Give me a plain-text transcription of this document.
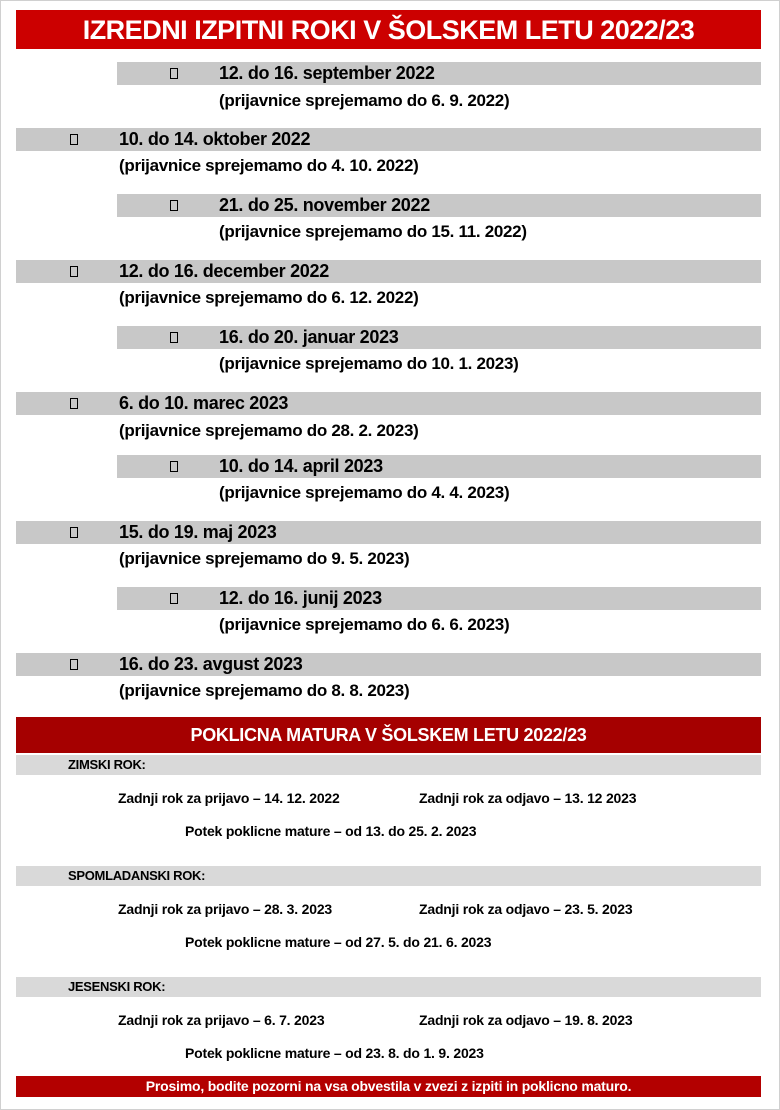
IZREDNI IZPITNI ROKI V ŠOLSKEM LETU 2022/23
12. do 16. september 2022
(prijavnice sprejemamo do 6. 9. 2022)
10. do 14. oktober 2022
(prijavnice sprejemamo do 4. 10. 2022)
21. do 25. november 2022
(prijavnice sprejemamo do 15. 11. 2022)
12. do 16. december 2022
(prijavnice sprejemamo do 6. 12. 2022)
16. do 20. januar 2023
(prijavnice sprejemamo do 10. 1. 2023)
6. do 10. marec 2023
(prijavnice sprejemamo do 28. 2. 2023)
10. do 14. april 2023
(prijavnice sprejemamo do 4. 4. 2023)
15. do 19. maj 2023
(prijavnice sprejemamo do 9. 5. 2023)
12. do 16. junij 2023
(prijavnice sprejemamo do 6. 6. 2023)
16. do 23. avgust 2023
(prijavnice sprejemamo do 8. 8. 2023)
POKLICNA MATURA V ŠOLSKEM LETU 2022/23
ZIMSKI ROK:
Zadnji rok za prijavo – 14. 12. 2022	Zadnji rok za odjavo – 13. 12 2023
Potek poklicne mature – od 13. do 25. 2. 2023
SPOMLADANSKI ROK:
Zadnji rok za prijavo – 28. 3. 2023	Zadnji rok za odjavo – 23. 5. 2023
Potek poklicne mature – od 27. 5. do 21. 6. 2023
JESENSKI ROK:
Zadnji rok za prijavo – 6. 7. 2023	Zadnji rok za odjavo – 19. 8. 2023
Potek poklicne mature – od 23. 8. do 1. 9. 2023
Prosimo, bodite pozorni na vsa obvestila v zvezi z izpiti in poklicno maturo.
